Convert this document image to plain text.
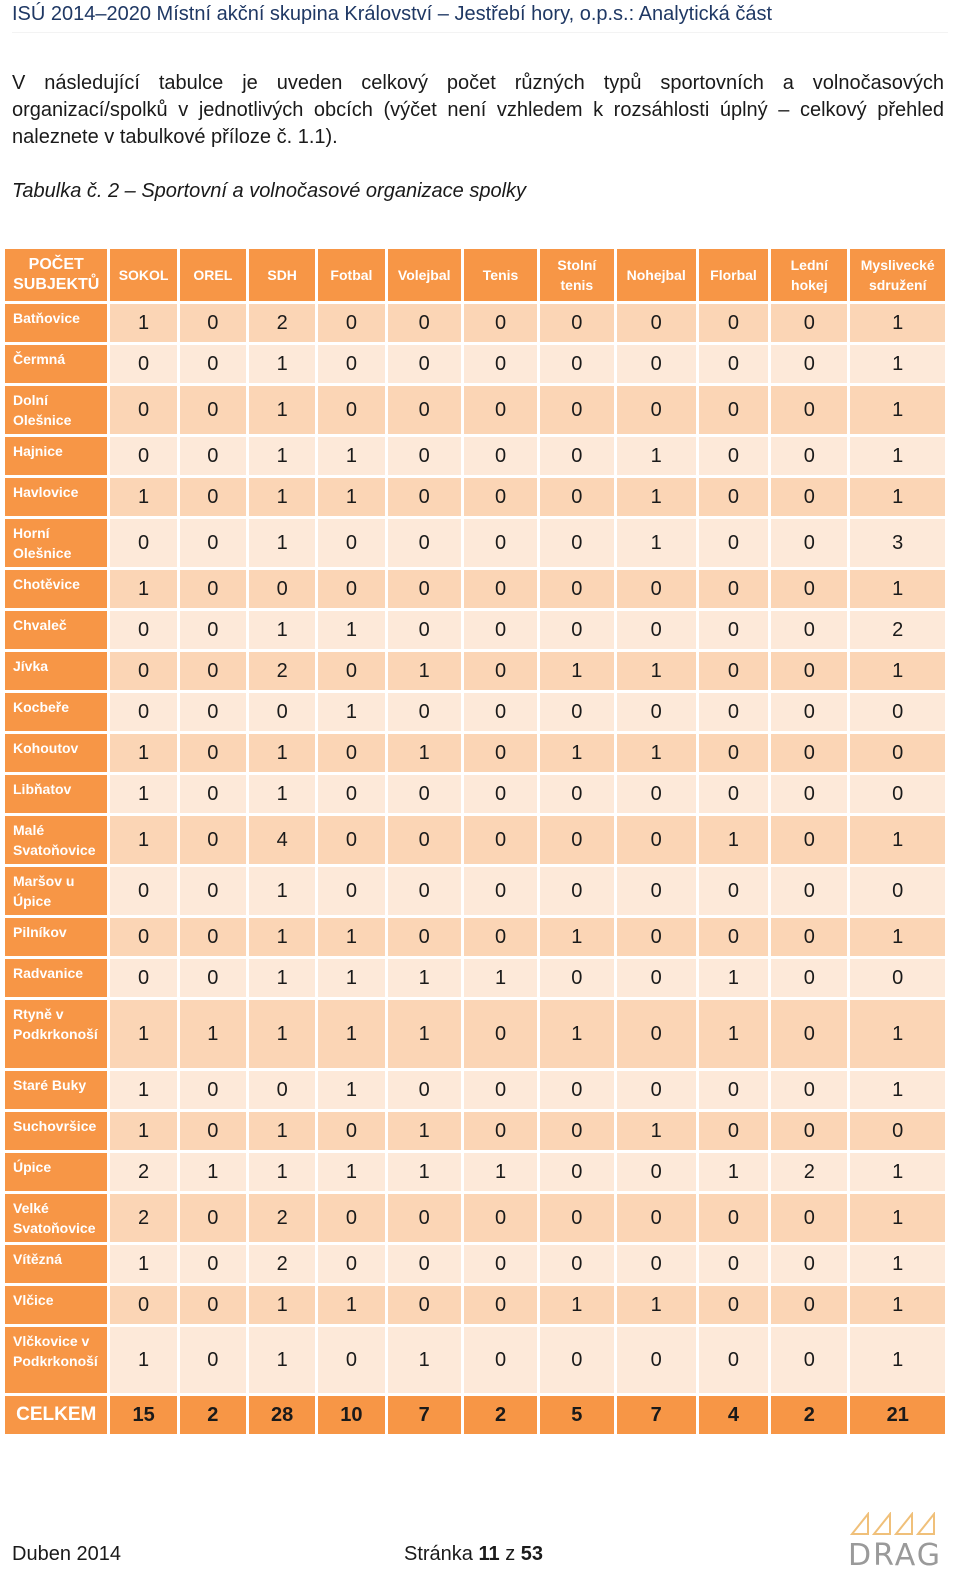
ISÚ 2014–2020 Místní akční skupina Království – Jestřebí hory, o.p.s.: Analytická část
V následující tabulce je uveden celkový počet různých typů sportovních a volnočasových organizací/spolků v jednotlivých obcích (výčet není vzhledem k rozsáhlosti úplný – celkový přehled naleznete v tabulkové příloze č. 1.1).
Tabulka č. 2 – Sportovní a volnočasové organizace spolky
POČET SUBJEKTŮ	SOKOL	OREL	SDH	Fotbal	Volejbal	Tenis	Stolní tenis	Nohejbal	Florbal	Lední hokej	Myslivecké sdružení
Batňovice	1	0	2	0	0	0	0	0	0	0	1
Čermná	0	0	1	0	0	0	0	0	0	0	1
Dolní Olešnice	0	0	1	0	0	0	0	0	0	0	1
Hajnice	0	0	1	1	0	0	0	1	0	0	1
Havlovice	1	0	1	1	0	0	0	1	0	0	1
Horní Olešnice	0	0	1	0	0	0	0	1	0	0	3
Chotěvice	1	0	0	0	0	0	0	0	0	0	1
Chvaleč	0	0	1	1	0	0	0	0	0	0	2
Jívka	0	0	2	0	1	0	1	1	0	0	1
Kocbeře	0	0	0	1	0	0	0	0	0	0	0
Kohoutov	1	0	1	0	1	0	1	1	0	0	0
Libňatov	1	0	1	0	0	0	0	0	0	0	0
Malé Svatoňovice	1	0	4	0	0	0	0	0	1	0	1
Maršov u Úpice	0	0	1	0	0	0	0	0	0	0	0
Pilníkov	0	0	1	1	0	0	1	0	0	0	1
Radvanice	0	0	1	1	1	1	0	0	1	0	0
Rtyně v Podkrkonoší	1	1	1	1	1	0	1	0	1	0	1
Staré Buky	1	0	0	1	0	0	0	0	0	0	1
Suchovršice	1	0	1	0	1	0	0	1	0	0	0
Úpice	2	1	1	1	1	1	0	0	1	2	1
Velké Svatoňovice	2	0	2	0	0	0	0	0	0	0	1
Vítězná	1	0	2	0	0	0	0	0	0	0	1
Vlčice	0	0	1	1	0	0	1	1	0	0	1
Vlčkovice v Podkrkonoší	1	0	1	0	1	0	0	0	0	0	1
CELKEM	15	2	28	10	7	2	5	7	4	2	21
Duben 2014	Stránka 11 z 53	DRAG
